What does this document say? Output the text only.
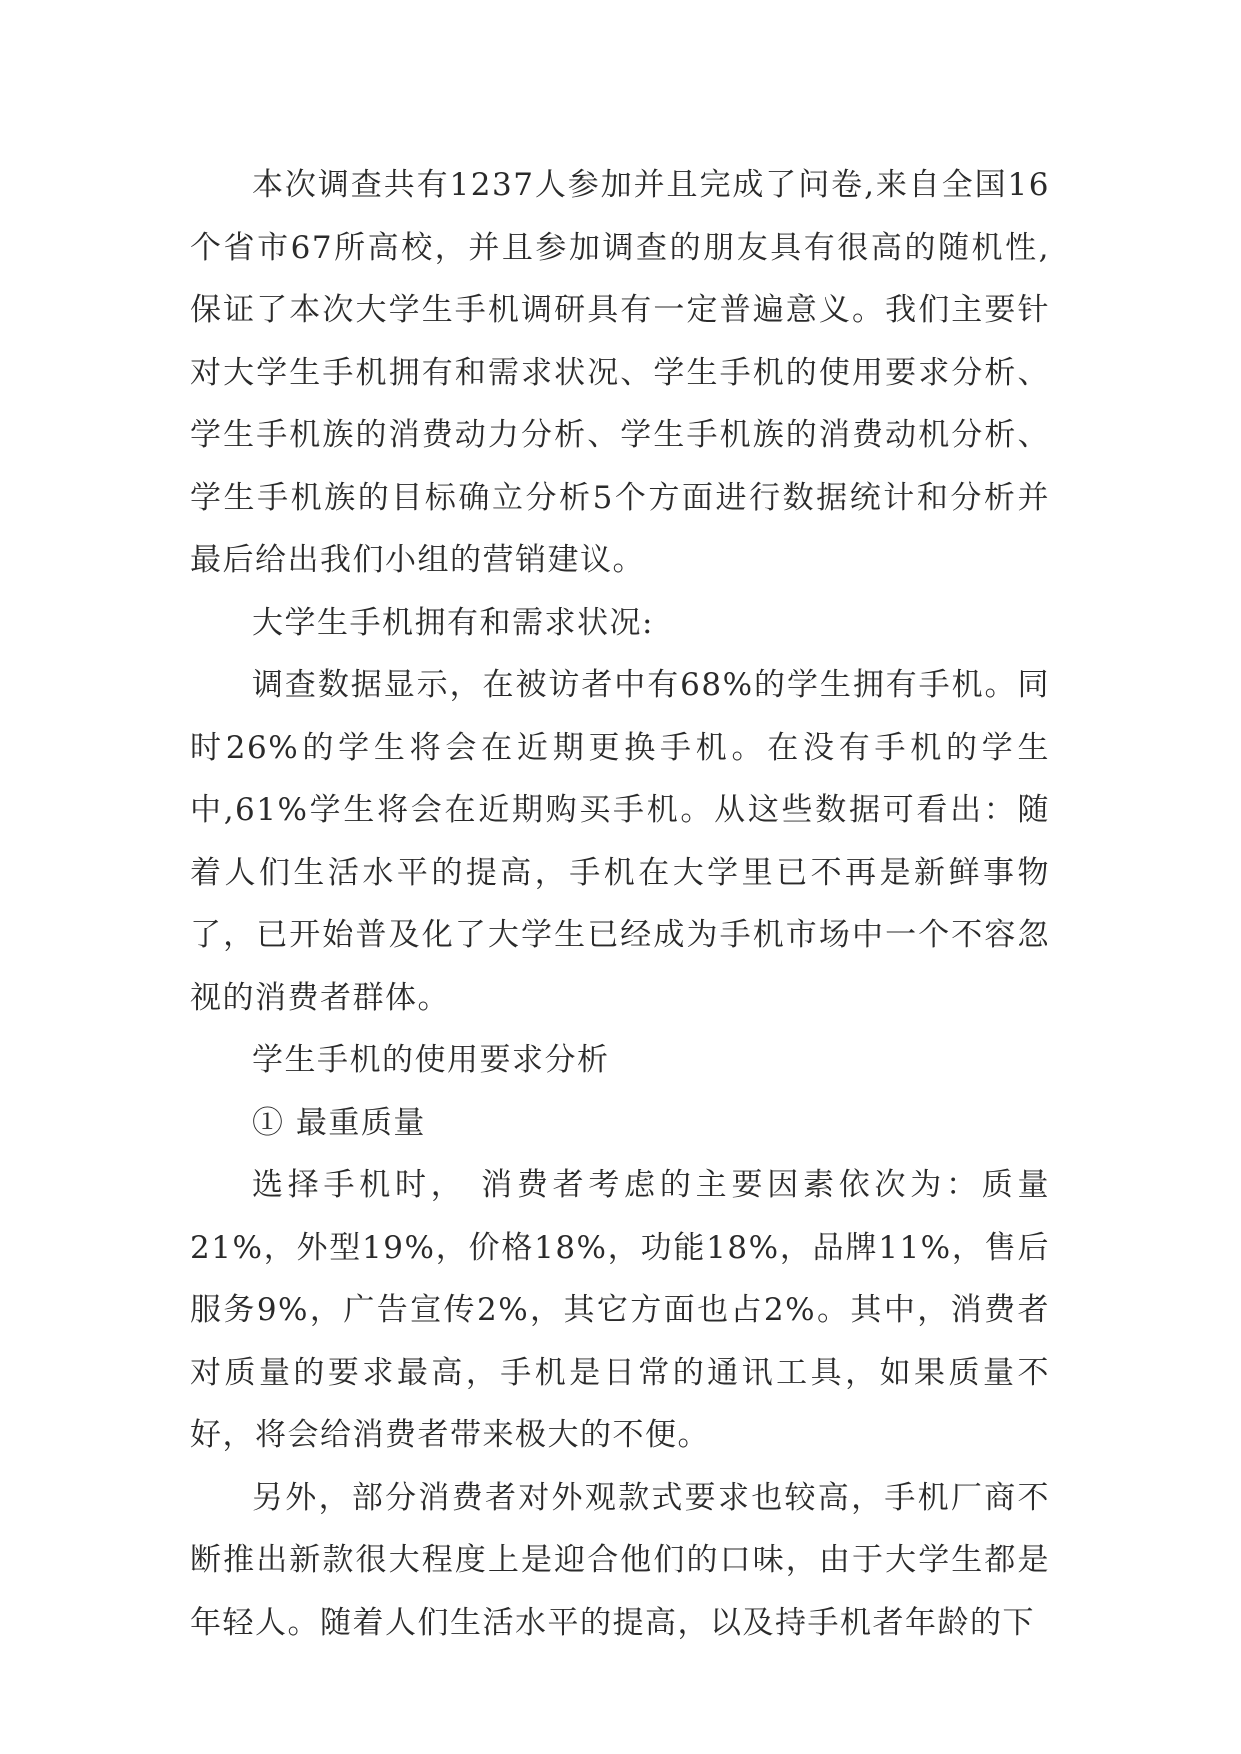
本次调查共有1237人参加并且完成了问卷,来自全国16个省市67所高校，并且参加调查的朋友具有很高的随机性,保证了本次大学生手机调研具有一定普遍意义。我们主要针对大学生手机拥有和需求状况、学生手机的使用要求分析、学生手机族的消费动力分析、学生手机族的消费动机分析、学生手机族的目标确立分析5个方面进行数据统计和分析并最后给出我们小组的营销建议。

大学生手机拥有和需求状况:

调查数据显示，在被访者中有68%的学生拥有手机。同时26%的学生将会在近期更换手机。在没有手机的学生中,61%学生将会在近期购买手机。从这些数据可看出：随着人们生活水平的提高，手机在大学里已不再是新鲜事物了，已开始普及化了大学生已经成为手机市场中一个不容忽视的消费者群体。

学生手机的使用要求分析

① 最重质量

选择手机时， 消费者考虑的主要因素依次为：质量21%，外型19%，价格18%，功能18%，品牌11%，售后服务9%，广告宣传2%，其它方面也占2%。其中，消费者对质量的要求最高，手机是日常的通讯工具，如果质量不好，将会给消费者带来极大的不便。

另外，部分消费者对外观款式要求也较高，手机厂商不断推出新款很大程度上是迎合他们的口味，由于大学生都是年轻人。随着人们生活水平的提高，以及持手机者年龄的下
